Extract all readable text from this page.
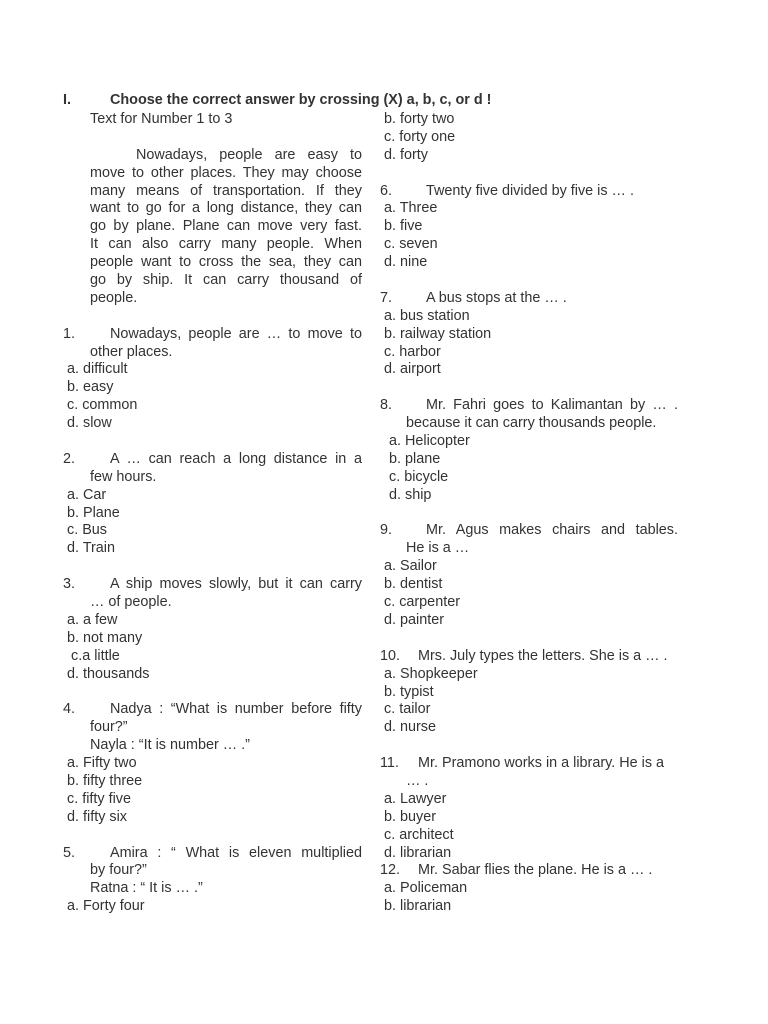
I.	Choose the correct answer by crossing (X) a, b, c, or d !
Text for Number 1 to 3
Nowadays, people are easy to
move to other places. They may choose
many means of transportation. If they
want to go for a long distance, they can
go by plane. Plane can move very fast.
It can also carry many people. When
people want to cross the sea, they can
go by ship. It can carry thousand of
people.
1. Nowadays, people are … to move to
other places.
a. difficult
b. easy
c. common
d. slow
2. A … can reach a long distance in a
few hours.
a. Car
b. Plane
c. Bus
d. Train
3. A ship moves slowly, but it can carry
… of people.
a. a few
b. not many
c.a little
d. thousands
4. Nadya : “What is number before fifty
four?”
Nayla : “It is number … .”
a. Fifty two
b. fifty three
c. fifty five
d. fifty six
5. Amira : “ What is eleven multiplied
by four?”
Ratna : “ It is … .”
a. Forty four
b. forty two
c. forty one
d. forty
6. Twenty five divided by five is … .
a. Three
b. five
c. seven
d. nine
7. A bus stops at the … .
a. bus station
b. railway station
c. harbor
d. airport
8. Mr. Fahri goes to Kalimantan by … .
because it can carry thousands people.
a. Helicopter
b. plane
c. bicycle
d. ship
9. Mr. Agus makes chairs and tables.
He is a …
a. Sailor
b. dentist
c. carpenter
d. painter
10. Mrs. July types the letters. She is a … .
a. Shopkeeper
b. typist
c. tailor
d. nurse
11. Mr. Pramono works in a library. He is a
… .
a. Lawyer
b. buyer
c. architect
d. librarian
12. Mr. Sabar flies the plane. He is a … .
a. Policeman
b. librarian
